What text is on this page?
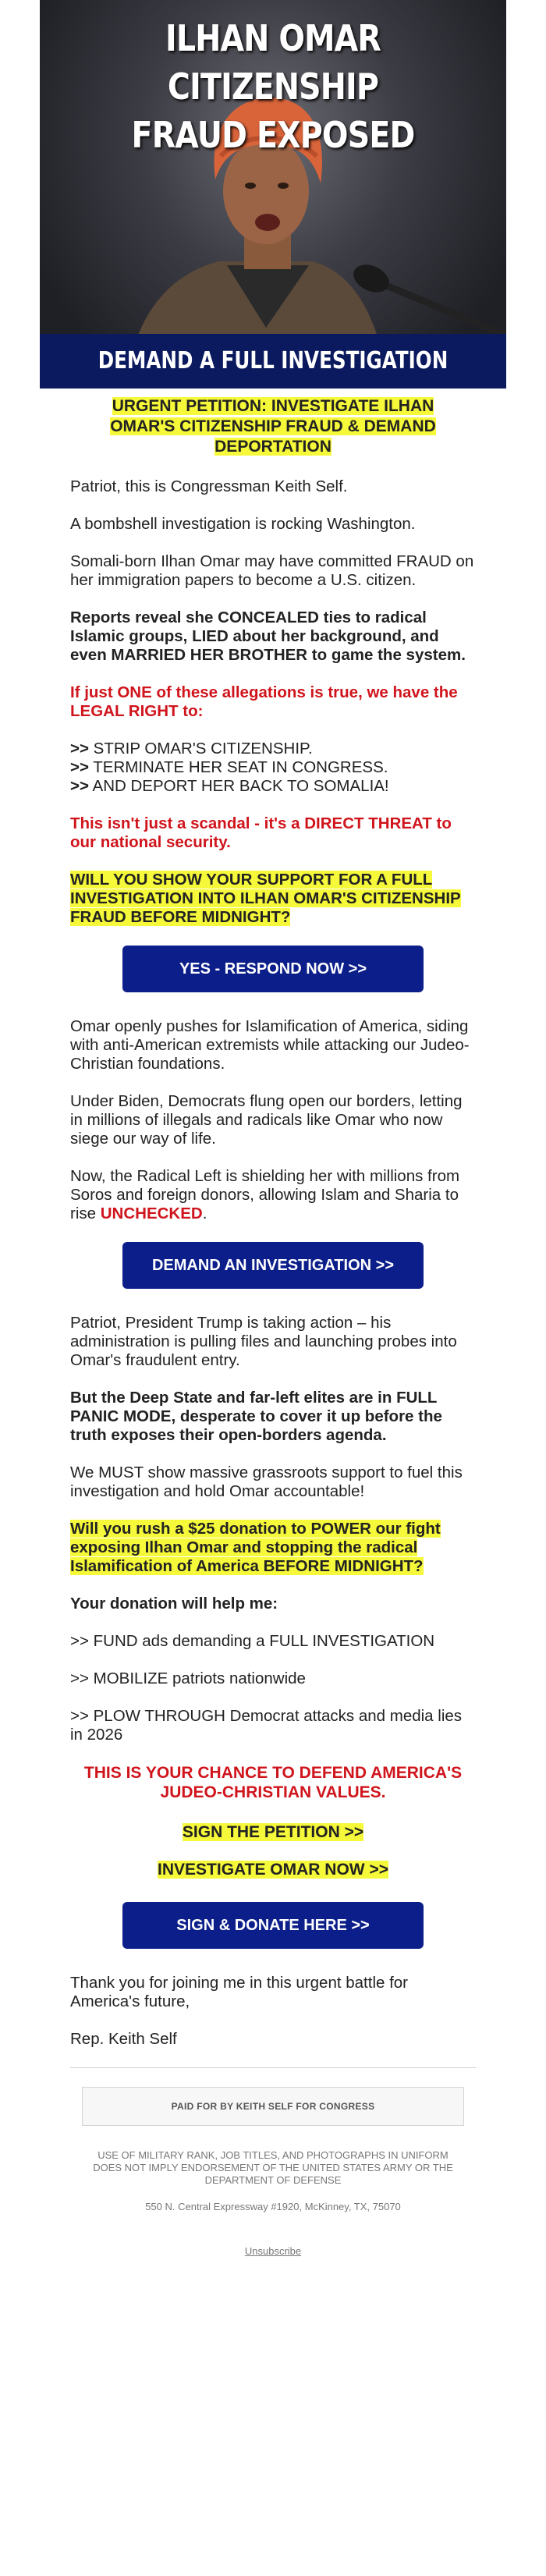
ILHAN OMAR CITIZENSHIP
FRAUD EXPOSED
DEMAND A FULL INVESTIGATION
URGENT PETITION: INVESTIGATE ILHAN OMAR'S CITIZENSHIP FRAUD & DEMAND DEPORTATION

Patriot, this is Congressman Keith Self.

A bombshell investigation is rocking Washington.

Somali-born Ilhan Omar may have committed FRAUD on her immigration papers to become a U.S. citizen.

Reports reveal she CONCEALED ties to radical Islamic groups, LIED about her background, and even MARRIED HER BROTHER to game the system.

If just ONE of these allegations is true, we have the LEGAL RIGHT to:

>> STRIP OMAR'S CITIZENSHIP.
>> TERMINATE HER SEAT IN CONGRESS.
>> AND DEPORT HER BACK TO SOMALIA!

This isn't just a scandal - it's a DIRECT THREAT to our national security.

WILL YOU SHOW YOUR SUPPORT FOR A FULL INVESTIGATION INTO ILHAN OMAR'S CITIZENSHIP FRAUD BEFORE MIDNIGHT?

YES - RESPOND NOW >>

Omar openly pushes for Islamification of America, siding with anti-American extremists while attacking our Judeo-Christian foundations.

Under Biden, Democrats flung open our borders, letting in millions of illegals and radicals like Omar who now siege our way of life.

Now, the Radical Left is shielding her with millions from Soros and foreign donors, allowing Islam and Sharia to rise UNCHECKED.

DEMAND AN INVESTIGATION >>

Patriot, President Trump is taking action – his administration is pulling files and launching probes into Omar's fraudulent entry.

But the Deep State and far-left elites are in FULL PANIC MODE, desperate to cover it up before the truth exposes their open-borders agenda.

We MUST show massive grassroots support to fuel this investigation and hold Omar accountable!

Will you rush a $25 donation to POWER our fight exposing Ilhan Omar and stopping the radical Islamification of America BEFORE MIDNIGHT?

Your donation will help me:

>> FUND ads demanding a FULL INVESTIGATION

>> MOBILIZE patriots nationwide

>> PLOW THROUGH Democrat attacks and media lies in 2026

THIS IS YOUR CHANCE TO DEFEND AMERICA'S JUDEO-CHRISTIAN VALUES.
SIGN THE PETITION >>
INVESTIGATE OMAR NOW >>
SIGN & DONATE HERE >>

Thank you for joining me in this urgent battle for America's future,

Rep. Keith Self

PAID FOR BY KEITH SELF FOR CONGRESS
USE OF MILITARY RANK, JOB TITLES, AND PHOTOGRAPHS IN UNIFORM DOES NOT IMPLY ENDORSEMENT OF THE UNITED STATES ARMY OR THE DEPARTMENT OF DEFENSE
550 N. Central Expressway #1920, McKinney, TX, 75070
Unsubscribe
